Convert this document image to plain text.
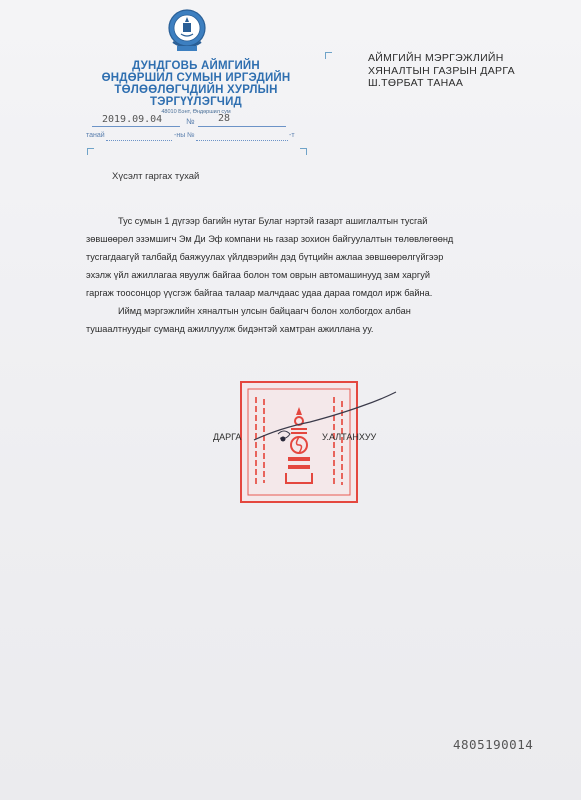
ДУНДГОВЬ АЙМГИЙН
ӨНДӨРШИЛ СУМЫН ИРГЭДИЙН
ТӨЛӨӨЛӨГЧДИЙН ХУРЛЫН
ТЭРГҮҮЛЭГЧИД
48010 Бэнт, Өндөршил сум
2019.09.04	№ 28
танай	-ны №	-т
АЙМГИЙН МЭРГЭЖЛИЙН
ХЯНАЛТЫН ГАЗРЫН ДАРГА
Ш.ТӨРБАТ ТАНАА
Хүсэлт гаргах тухай
Тус сумын 1 дүгээр багийн нутаг Булаг нэртэй газарт ашиглалтын тусгай
зөвшөөрөл эзэмшигч Эм Ди Эф компани нь газар зохион байгуулалтын төлөвлөгөөнд
тусгагдаагүй талбайд баяжуулах үйлдвэрийн дэд бүтцийн ажлаа зөвшөөрөлгүйгээр
эхэлж үйл ажиллагаа явуулж байгаа болон том оврын автомашинууд зам харгуй
гаргаж тоосонцор үүсгэж байгаа талаар малчдаас удаа дараа гомдол ирж байна.
Иймд мэргэжлийн хяналтын улсын байцаагч болон холбогдох албан
тушаалтнуудыг суманд ажиллуулж бидэнтэй хамтран ажиллана уу.
ДАРГА	У.АЛТАНХУУ
4805190014
